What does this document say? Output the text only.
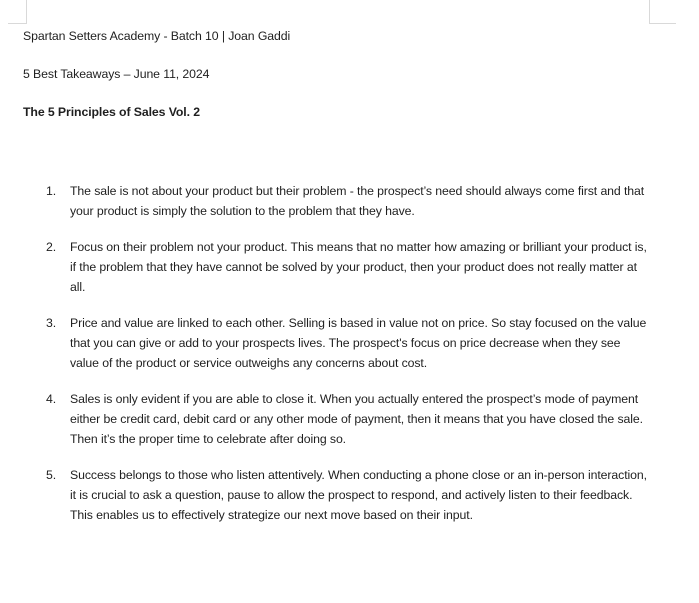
Spartan Setters Academy - Batch 10 | Joan Gaddi

5 Best Takeaways – June 11, 2024

The 5 Principles of Sales Vol. 2

1.	The sale is not about your product but their problem - the prospect’s need should always come first and that your product is simply the solution to the problem that they have.
2.	Focus on their problem not your product. This means that no matter how amazing or brilliant your product is, if the problem that they have cannot be solved by your product, then your product does not really matter at all.
3.	Price and value are linked to each other. Selling is based in value not on price. So stay focused on the value that you can give or add to your prospects lives. The prospect's focus on price decrease when they see value of the product or service outweighs any concerns about cost.
4.	Sales is only evident if you are able to close it. When you actually entered the prospect’s mode of payment either be credit card, debit card or any other mode of payment, then it means that you have closed the sale. Then it’s the proper time to celebrate after doing so.
5.	Success belongs to those who listen attentively. When conducting a phone close or an in-person interaction, it is crucial to ask a question, pause to allow the prospect to respond, and actively listen to their feedback. This enables us to effectively strategize our next move based on their input.
